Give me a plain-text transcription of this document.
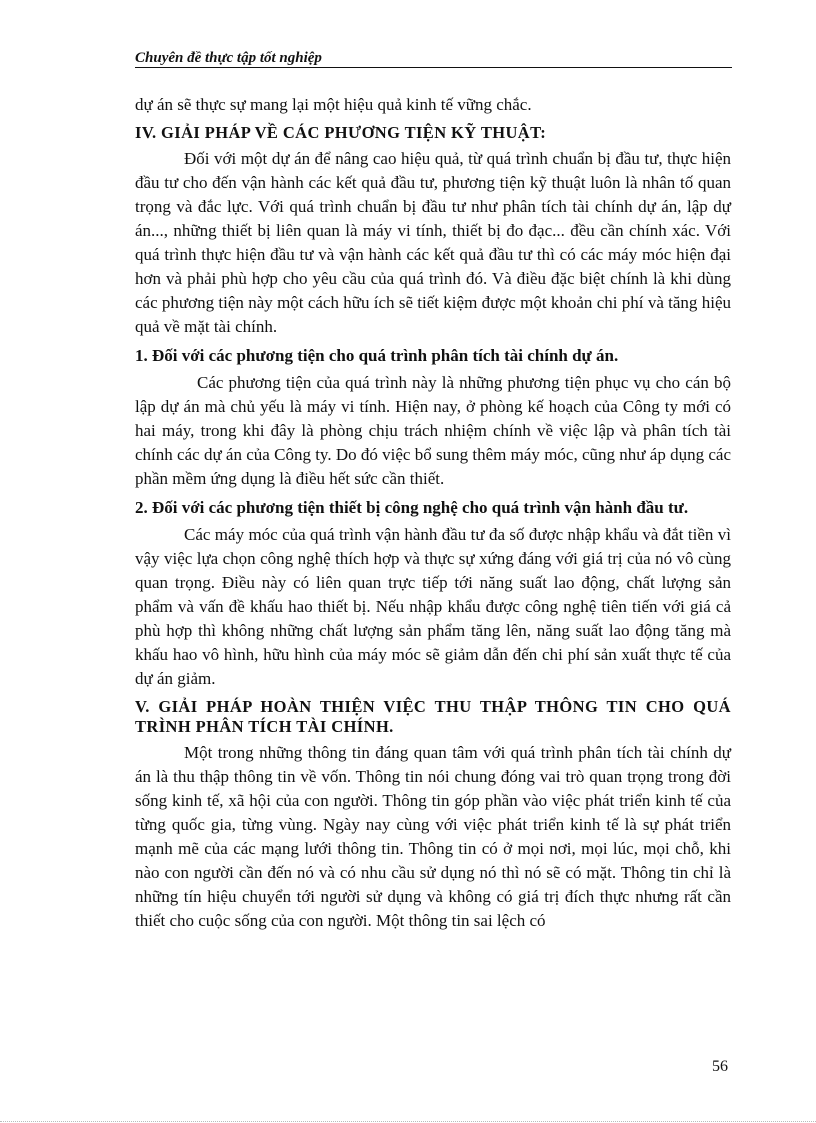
Chuyên đề thực tập tốt nghiệp

dự án sẽ thực sự mang lại một hiệu quả kinh tế vững chắc.

IV. GIẢI PHÁP VỀ CÁC PHƯƠNG TIỆN KỸ THUẬT:

Đối với một dự án để nâng cao hiệu quả, từ quá trình chuẩn bị đầu tư, thực hiện đầu tư cho đến vận hành các kết quả đầu tư, phương tiện kỹ thuật luôn là nhân tố quan trọng và đắc lực. Với quá trình chuẩn bị đầu tư như phân tích tài chính dự án, lập dự án..., những thiết bị liên quan là máy vi tính, thiết bị đo đạc... đều cần chính xác. Với quá trình thực hiện đầu tư và vận hành các kết quả đầu tư thì có các máy móc hiện đại hơn và phải phù hợp cho yêu cầu của quá trình đó. Và điều đặc biệt chính là khi dùng các phương tiện này một cách hữu ích sẽ tiết kiệm được một khoản chi phí và tăng hiệu quả về mặt tài chính.

1. Đối với các phương tiện cho quá trình phân tích tài chính dự án.

Các phương tiện của quá trình này là những phương tiện phục vụ cho cán bộ lập dự án mà chủ yếu là máy vi tính. Hiện nay, ở phòng kế hoạch của Công ty mới có hai máy, trong khi đây là phòng chịu trách nhiệm chính về việc lập và phân tích tài chính các dự án của Công ty. Do đó việc bổ sung thêm máy móc, cũng như áp dụng các phần mềm ứng dụng là điều hết sức cần thiết.

2. Đối với các phương tiện thiết bị công nghệ cho quá trình vận hành đầu tư.

Các máy móc của quá trình vận hành đầu tư đa số được nhập khẩu và đắt tiền vì vậy việc lựa chọn công nghệ thích hợp và thực sự xứng đáng với giá trị của nó vô cùng quan trọng. Điều này có liên quan trực tiếp tới năng suất lao động, chất lượng sản phẩm và vấn đề khấu hao thiết bị. Nếu nhập khẩu được công nghệ tiên tiến với giá cả phù hợp thì không những chất lượng sản phẩm tăng lên, năng suất lao động tăng mà khấu hao vô hình, hữu hình của máy móc sẽ giảm dẫn đến chi phí sản xuất thực tế của dự án giảm.

V. GIẢI PHÁP HOÀN THIỆN VIỆC THU THẬP THÔNG TIN CHO QUÁ TRÌNH PHÂN TÍCH TÀI CHÍNH.

Một trong những thông tin đáng quan tâm với quá trình phân tích tài chính dự án là thu thập thông tin về vốn. Thông tin nói chung đóng vai trò quan trọng trong đời sống kinh tế, xã hội của con người. Thông tin góp phần vào việc phát triển kinh tế của từng quốc gia, từng vùng. Ngày nay cùng với việc phát triển kinh tế là sự phát triển mạnh mẽ của các mạng lưới thông tin. Thông tin có ở mọi nơi, mọi lúc, mọi chỗ, khi nào con người cần đến nó và có nhu cầu sử dụng nó thì nó sẽ có mặt. Thông tin chỉ là những tín hiệu chuyển tới người sử dụng và không có giá trị đích thực nhưng rất cần thiết cho cuộc sống của con người. Một thông tin sai lệch có

56
